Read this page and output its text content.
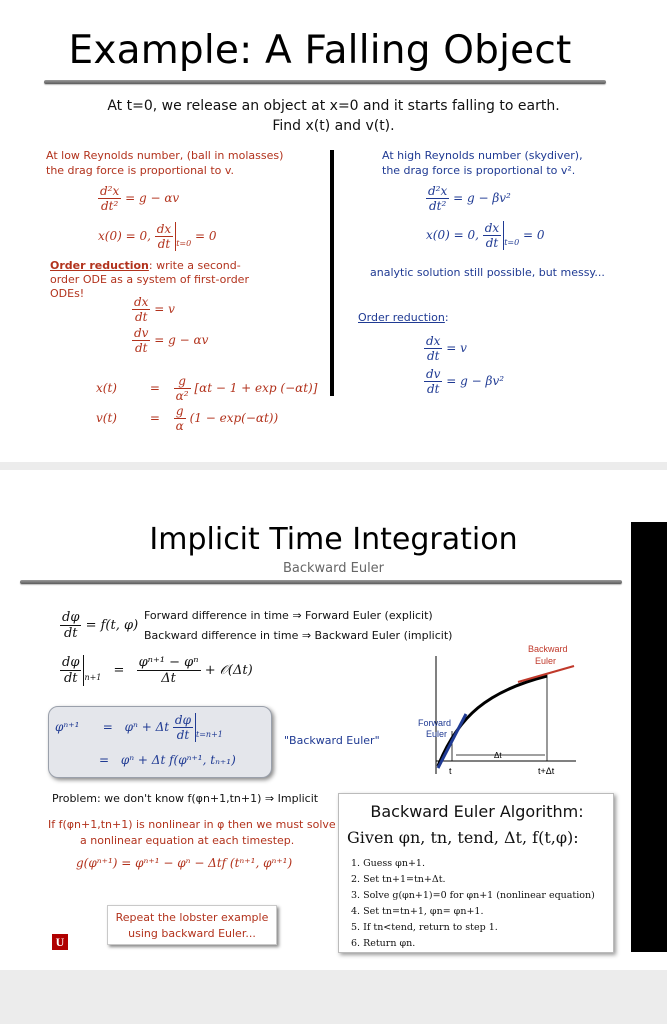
Example: A Falling Object
At t=0, we release an object at x=0 and it starts falling to earth.
Find x(t) and v(t).
At low Reynolds number, (ball in molasses)
the drag force is proportional to v.
$\frac{\text{d²x}}{\text{dt²}} = g - \alpha v$
x(0) = 0, $\frac{dx}{dt} _{t=0} = 0$
Order reduction: write a second-
order ODE as a system of first-order
ODEs!
$\frac{dx}{dt} = v$
$\frac{dv}{dt} = g - \alpha v$
x(t)	= $\frac{g}{\text{α²}} [\alpha t - 1 + \exp (-\alpha t)]$
v(t)	= $\frac{g}{\alpha} (1 - \exp(-\alpha t))$
At high Reynolds number (skydiver),
the drag force is proportional to v².
$\frac{\text{d²x}}{\text{dt²}} = g - \beta v^2$
x(0) = 0, $\frac{dx}{dt} _{t=0} = 0$
analytic solution still possible, but messy...
Order reduction:
$\frac{dx}{dt} = v$
$\frac{dv}{dt} = g - \beta v^2$
Implicit Time Integration
Backward Euler
$\frac{d\varphi}{dt} = f(t$, φ)
Forward difference in time ⇒ Forward Euler (explicit)
Backward difference in time ⇒ Backward Euler (implicit)
$\frac{d\varphi}{dt} _{n+1} = \frac{\text{φⁿ⁺¹ − φⁿ}}{\Delta t}$ + 𝒪(Δt)
φⁿ⁺¹ = φⁿ + Δt $\frac{d\varphi}{dt} _{t=n+1}$
= φⁿ + Δt f(φⁿ⁺¹, tₙ₊₁)
"Backward Euler"
Backward
Euler
Forward
Euler
Δt
t	t+Δt
Problem: we don't know f(φn+1,tn+1) ⇒ Implicit
If f(φn+1,tn+1) is nonlinear in φ then we must solve
a nonlinear equation at each timestep.
g(φⁿ⁺¹) = φⁿ⁺¹ − φⁿ − Δtf (tⁿ⁺¹, φⁿ⁺¹)
Repeat the lobster example
using backward Euler...
Backward Euler Algorithm:
Given φn, tn, tend, Δt, f(t,φ):
1. Guess φn+1.
2. Set tn+1=tn+Δt.
3. Solve g(φn+1)=0 for φn+1 (nonlinear equation)
4. Set tn=tn+1, φn= φn+1.
5. If tn<tend, return to step 1.
6. Return φn.
U
